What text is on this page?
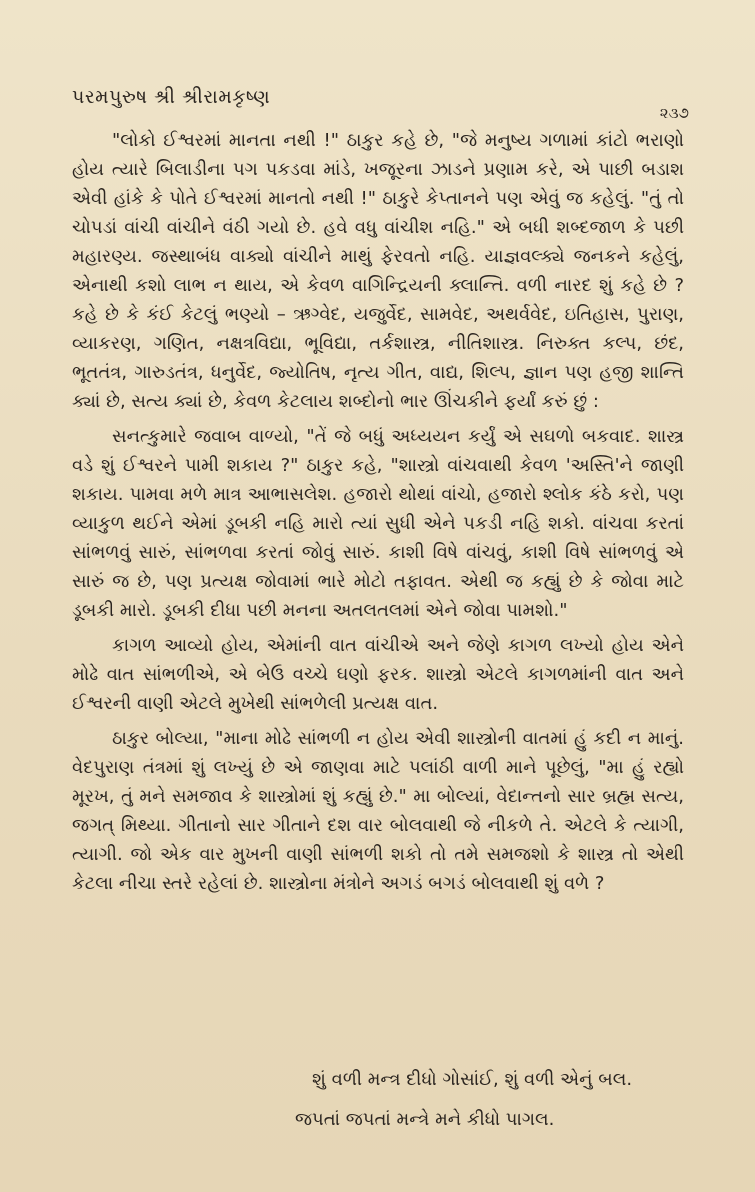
પરમપુરુષ શ્રી શ્રીરામકૃષ્ણ
૨૩૭

"લોકો ઈશ્વરમાં માનતા નથી !" ઠાકુર કહે છે, "જે મનુષ્ય ગળામાં કાંટો ભરાણો હોય ત્યારે બિલાડીના પગ પકડવા માંડે, ખજૂરના ઝાડને પ્રણામ કરે, એ પાછી બડાશ એવી હાંકે કે પોતે ઈશ્વરમાં માનતો નથી !" ઠાકુરે કેપ્તાનને પણ એવું જ કહેલું. "તું તો ચોપડાં વાંચી વાંચીને વંઠી ગયો છે. હવે વધુ વાંચીશ નહિ." એ બધી શબ્દજાળ કે પછી મહારણ્ય. જસ્થાબંધ વાક્યો વાંચીને માથું ફેરવતો નહિ. યાજ્ઞવલ્ક્યે જનકને કહેલું, એનાથી કશો લાભ ન થાય, એ કેવળ વાગિન્દ્રિયની ક્લાન્તિ. વળી નારદ શું કહે છે ? કહે છે કે કંઈ કેટલું ભણ્યો – ઋગ્વેદ, યજુર્વેદ, સામવેદ, અથર્વવેદ, ઇતિહાસ, પુરાણ, વ્યાકરણ, ગણિત, નક્ષત્રવિદ્યા, ભૂવિદ્યા, તર્કશાસ્ત્ર, નીતિશાસ્ત્ર. નિરુક્ત કલ્પ, છંદ, ભૂતતંત્ર, ગારુડતંત્ર, ધનુર્વેદ, જ્યોતિષ, નૃત્ય ગીત, વાદ્ય, શિલ્પ, જ્ઞાન પણ હજી શાન્તિ ક્યાં છે, સત્ય ક્યાં છે, કેવળ કેટલાય શબ્દોનો ભાર ઊંચકીને ફર્યાં કરું છું :

સનત્કુમારે જવાબ વાળ્યો, "તેં જે બધું અધ્યયન કર્યું એ સઘળો બકવાદ. શાસ્ત્ર વડે શું ઈશ્વરને પામી શકાય ?" ઠાકુર કહે, "શાસ્ત્રો વાંચવાથી કેવળ 'અસ્તિ'ને જાણી શકાય. પામવા મળે માત્ર આભાસલેશ. હજારો થોથાં વાંચો, હજારો શ્લોક કંઠે કરો, પણ વ્યાકુળ થઈને એમાં ડૂબકી નહિ મારો ત્યાં સુધી એને પકડી નહિ શકો. વાંચવા કરતાં સાંભળવું સારું, સાંભળવા કરતાં જોવું સારું. કાશી વિષે વાંચવું, કાશી વિષે સાંભળવું એ સારું જ છે, પણ પ્રત્યક્ષ જોવામાં ભારે મોટો તફાવત. એથી જ કહ્યું છે કે જોવા માટે ડૂબકી મારો. ડૂબકી દીધા પછી મનના અતલતલમાં એને જોવા પામશો."

કાગળ આવ્યો હોય, એમાંની વાત વાંચીએ અને જેણે કાગળ લખ્યો હોય એને મોઢે વાત સાંભળીએ, એ બેઉ વચ્ચે ઘણો ફરક. શાસ્ત્રો એટલે કાગળમાંની વાત અને ઈશ્વરની વાણી એટલે મુખેથી સાંભળેલી પ્રત્યક્ષ વાત.

ઠાકુર બોલ્યા, "માના મોઢે સાંભળી ન હોય એવી શાસ્ત્રોની વાતમાં હું કદી ન માનું. વેદપુરાણ તંત્રમાં શું લખ્યું છે એ જાણવા માટે પલાંઠી વાળી માને પૂછેલું, "મા હું રહ્યો મૂરખ, તું મને સમજાવ કે શાસ્ત્રોમાં શું કહ્યું છે." મા બોલ્યાં, વેદાન્તનો સાર બ્રહ્મ સત્ય, જગત્ મિથ્યા. ગીતાનો સાર ગીતાને દશ વાર બોલવાથી જે નીકળે તે. એટલે કે ત્યાગી, ત્યાગી. જો એક વાર મુખની વાણી સાંભળી શકો તો તમે સમજશો કે શાસ્ત્ર તો એથી કેટલા નીચા સ્તરે રહેલાં છે. શાસ્ત્રોના મંત્રોને અગડં બગડં બોલવાથી શું વળે ?

શું વળી મન્ત્ર દીધો ગોસાંઈ, શું વળી એનું બલ.
જપતાં જપતાં મન્ત્રે મને કીધો પાગલ.
